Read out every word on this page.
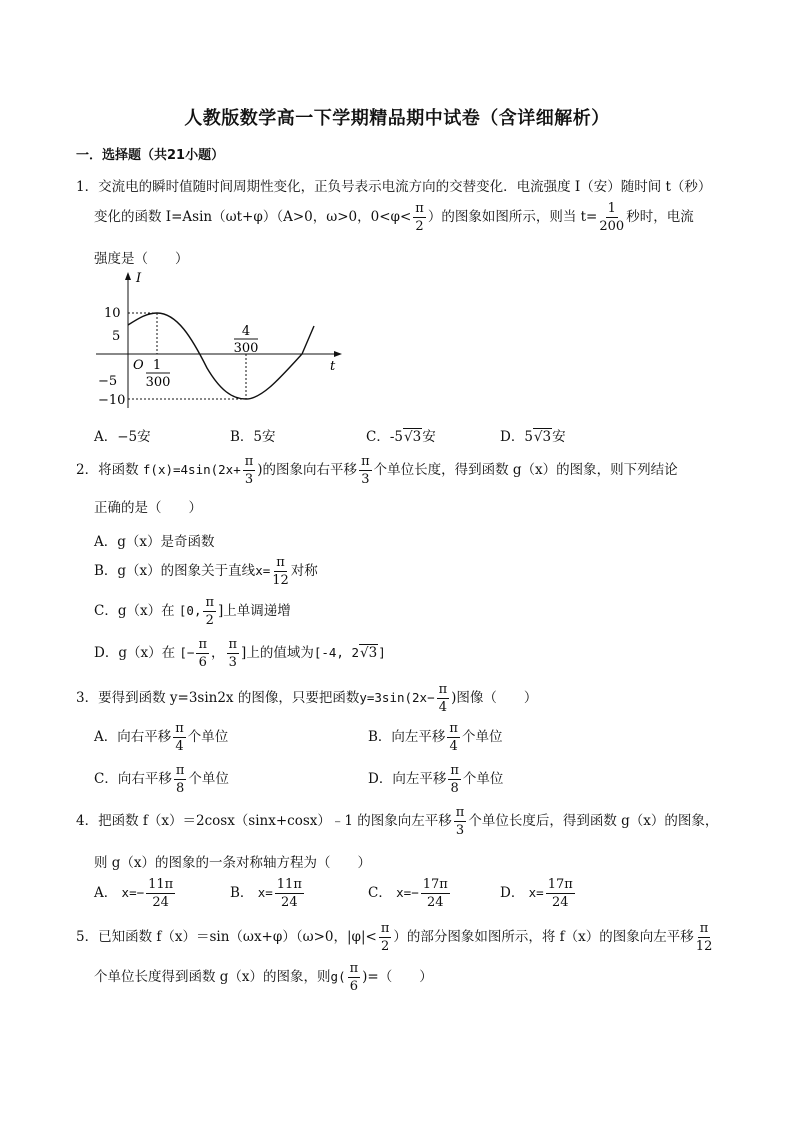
人教版数学高一下学期精品期中试卷（含详细解析）
一．选择题（共21小题）
1．交流电的瞬时值随时间周期性变化，正负号表示电流方向的交替变化．电流强度 I（安）随时间 t（秒）
变化的函数 I=Asin（ωt+φ）（A>0，ω>0，$0<\varphi< \frac{\pi}{2}$ ）的图象如图所示，则当 $t= \frac{1}{200}$ 秒时，电流
强度是（　　）
I
t
O
10
5
−5
−10
1
300
4
300
A．−5安	B．5安	C．-5√3安	D．5√3安
2．将函数 $f(x)=4\sin(2x+ \frac{\pi}{3}$ )的图象向右平移 $\frac{\pi}{3}$ 个单位长度，得到函数 g（x）的图象，则下列结论
正确的是（　　）
A．g（x）是奇函数
B．g（x）的图象关于直线$x= \frac{\pi}{12}$ 对称
C．g（x）在 [0, $\frac{\pi}{2}$ ]上单调递增
D．g（x）在 [− $\frac{\pi}{6}$ ， $\frac{\pi}{3}$ ]上的值域为[-4, 2√3]
3．要得到函数 y=3sin2x 的图像，只要把函数$y=3\sin(2x- \frac{\pi}{4}$ )图像（　　）
A．向右平移 $\frac{\pi}{4}$ 个单位	B．向左平移 $\frac{\pi}{4}$ 个单位
C．向右平移 $\frac{\pi}{8}$ 个单位	D．向左平移 $\frac{\pi}{8}$ 个单位
4．把函数 f（x）＝2cosx（sinx+cosx）﹣1 的图象向左平移 $\frac{\pi}{3}$ 个单位长度后，得到函数 g（x）的图象，
则 g（x）的图象的一条对称轴方程为（　　）
A． $x=- \frac{11\pi}{24}$	B． $x= \frac{11\pi}{24}$	C． $x=- \frac{17\pi}{24}$	D． $x= \frac{17\pi}{24}$
5．已知函数 f（x）＝sin（ωx+φ）（ω>0，$|\varphi|< \frac{\pi}{2}$ ）的部分图象如图所示，将 f（x）的图象向左平移 $\frac{\pi}{12}$
个单位长度得到函数 g（x）的图象，则$g( \frac{\pi}{6}$ )=（　　）
